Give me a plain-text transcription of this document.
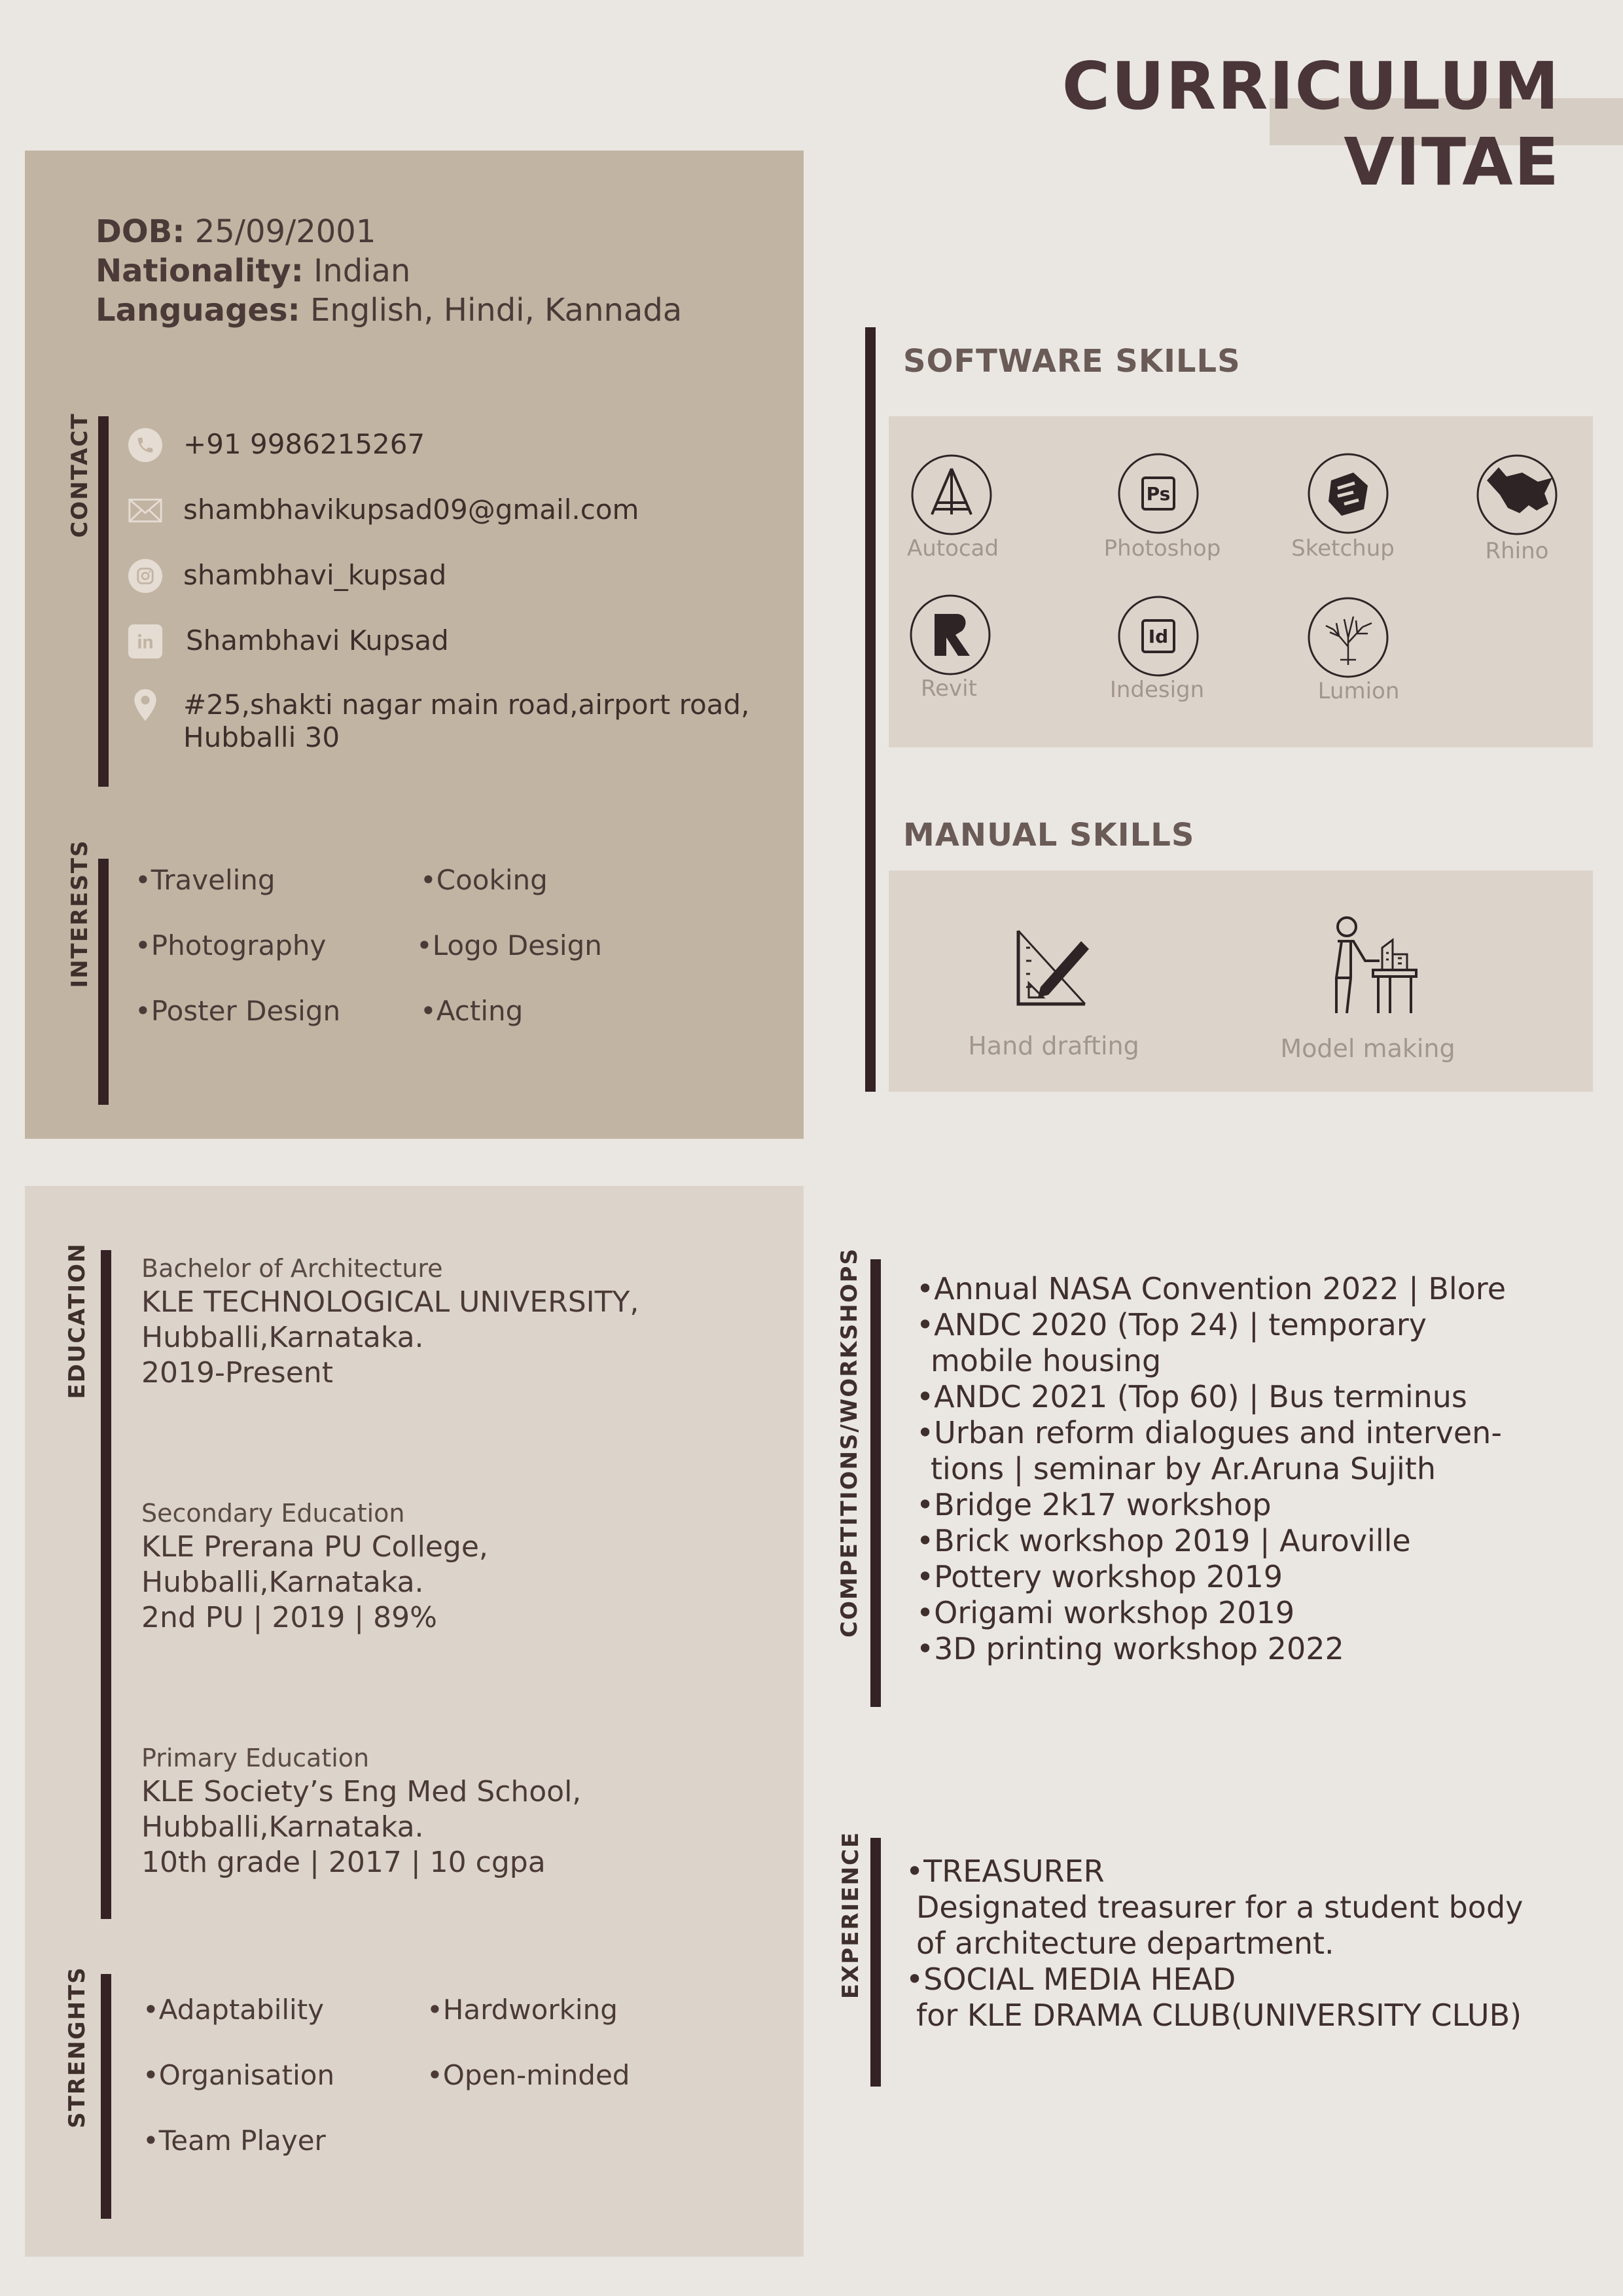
CURRICULUM
VITAE
DOB: 25/09/2001
Nationality: Indian
Languages: English, Hindi, Kannada
CONTACT	+91 9986215267
shambhavikupsad09@gmail.com
shambhavi_kupsad
Shambhavi Kupsad
#25,shakti nagar main road,airport road,
Hubballi 30
INTERESTS •Traveling	•Cooking
•Photography	•Logo Design
•Poster Design	•Acting
EDUCATION Bachelor of Architecture
KLE TECHNOLOGICAL UNIVERSITY,
Hubballi,Karnataka.
2019-Present
Secondary Education
KLE Prerana PU College,
Hubballi,Karnataka.
2nd PU | 2019 | 89%
Primary Education
KLE Society’s Eng Med School,
Hubballi,Karnataka.
10th grade | 2017 | 10 cgpa
STRENGHTS •Adaptability	•Hardworking
•Organisation	•Open-minded
•Team Player
SOFTWARE SKILLS
Autocad
Ps
Photoshop	Sketchup	Rhino
Revit
Id
Indesign	Lumion
MANUAL SKILLS
Hand drafting	Model making
COMPETITIONS/WORKSHOPS •Annual NASA Convention 2022 | Blore
•ANDC 2020 (Top 24) | temporary
mobile housing
•ANDC 2021 (Top 60) | Bus terminus
•Urban reform dialogues and interven-
tions | seminar by Ar.Aruna Sujith
•Bridge 2k17 workshop
•Brick workshop 2019 | Auroville
•Pottery workshop 2019
•Origami workshop 2019
•3D printing workshop 2022
EXPERIENCE •TREASURER
Designated treasurer for a student body
of architecture department.
•SOCIAL MEDIA HEAD
for KLE DRAMA CLUB(UNIVERSITY CLUB)
